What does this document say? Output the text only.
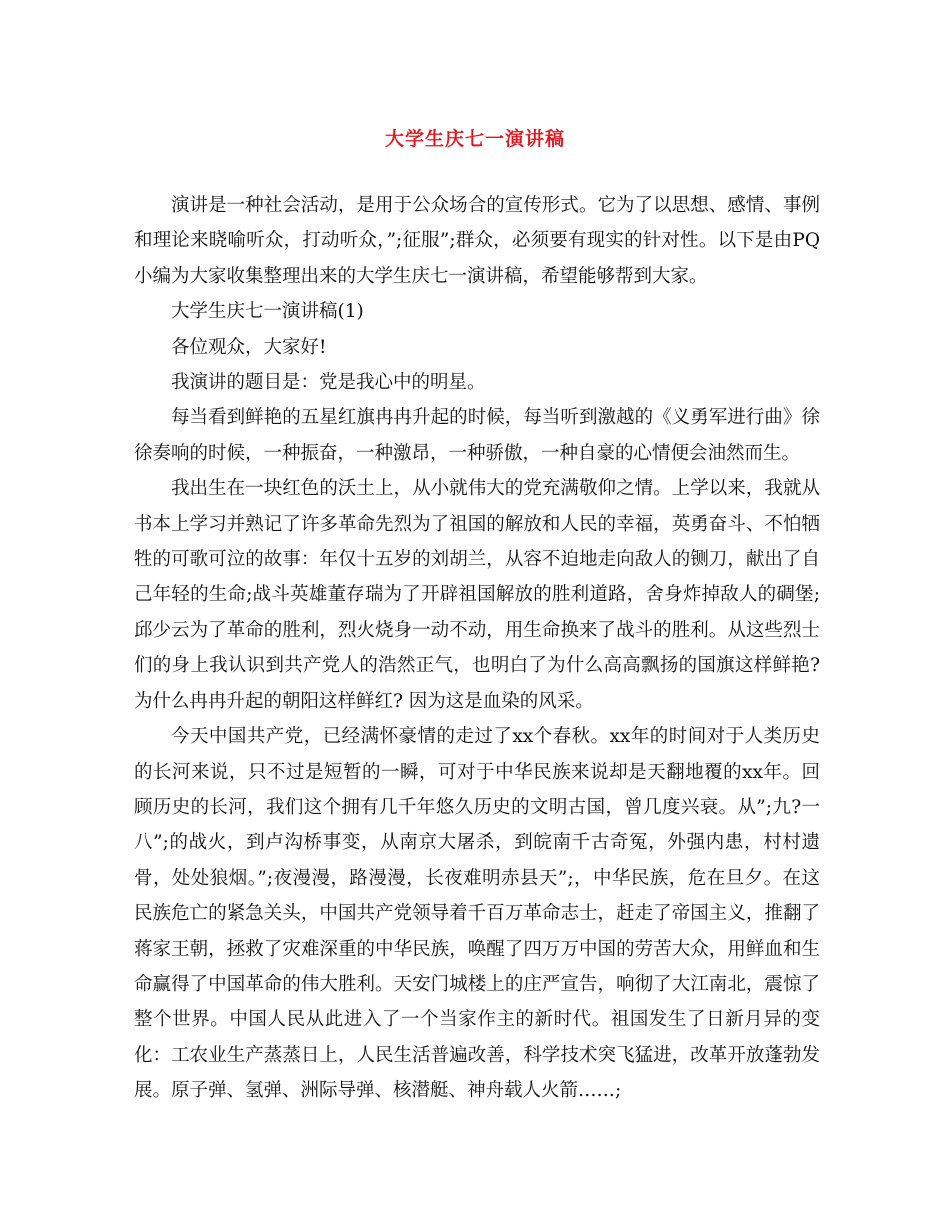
大学生庆七一演讲稿

演讲是一种社会活动，是用于公众场合的宣传形式。它为了以思想、感情、事例和理论来晓喻听众，打动听众，”;征服”;群众，必须要有现实的针对性。以下是由PQ小编为大家收集整理出来的大学生庆七一演讲稿，希望能够帮到大家。

大学生庆七一演讲稿(1)

各位观众，大家好!

我演讲的题目是：党是我心中的明星。

每当看到鲜艳的五星红旗冉冉升起的时候，每当听到激越的《义勇军进行曲》徐徐奏响的时候，一种振奋，一种激昂，一种骄傲，一种自豪的心情便会油然而生。

我出生在一块红色的沃土上，从小就伟大的党充满敬仰之情。上学以来，我就从书本上学习并熟记了许多革命先烈为了祖国的解放和人民的幸福，英勇奋斗、不怕牺牲的可歌可泣的故事：年仅十五岁的刘胡兰，从容不迫地走向敌人的铡刀，献出了自己年轻的生命;战斗英雄董存瑞为了开辟祖国解放的胜利道路，舍身炸掉敌人的碉堡;邱少云为了革命的胜利，烈火烧身一动不动，用生命换来了战斗的胜利。从这些烈士们的身上我认识到共产党人的浩然正气，也明白了为什么高高飘扬的国旗这样鲜艳?为什么冉冉升起的朝阳这样鲜红? 因为这是血染的风采。

今天中国共产党，已经满怀豪情的走过了xx个春秋。xx年的时间对于人类历史的长河来说，只不过是短暂的一瞬，可对于中华民族来说却是天翻地覆的xx年。回顾历史的长河，我们这个拥有几千年悠久历史的文明古国，曾几度兴衰。从”;九?一八”;的战火，到卢沟桥事变，从南京大屠杀，到皖南千古奇冤，外强内患，村村遗骨，处处狼烟。”;夜漫漫，路漫漫，长夜难明赤县天”;，中华民族，危在旦夕。在这民族危亡的紧急关头，中国共产党领导着千百万革命志士，赶走了帝国主义，推翻了蒋家王朝，拯救了灾难深重的中华民族，唤醒了四万万中国的劳苦大众，用鲜血和生命赢得了中国革命的伟大胜利。天安门城楼上的庄严宣告，响彻了大江南北，震惊了整个世界。中国人民从此进入了一个当家作主的新时代。祖国发生了日新月异的变化：工农业生产蒸蒸日上，人民生活普遍改善，科学技术突飞猛进，改革开放蓬勃发展。原子弹、氢弹、洲际导弹、核潜艇、神舟载人火箭……;
